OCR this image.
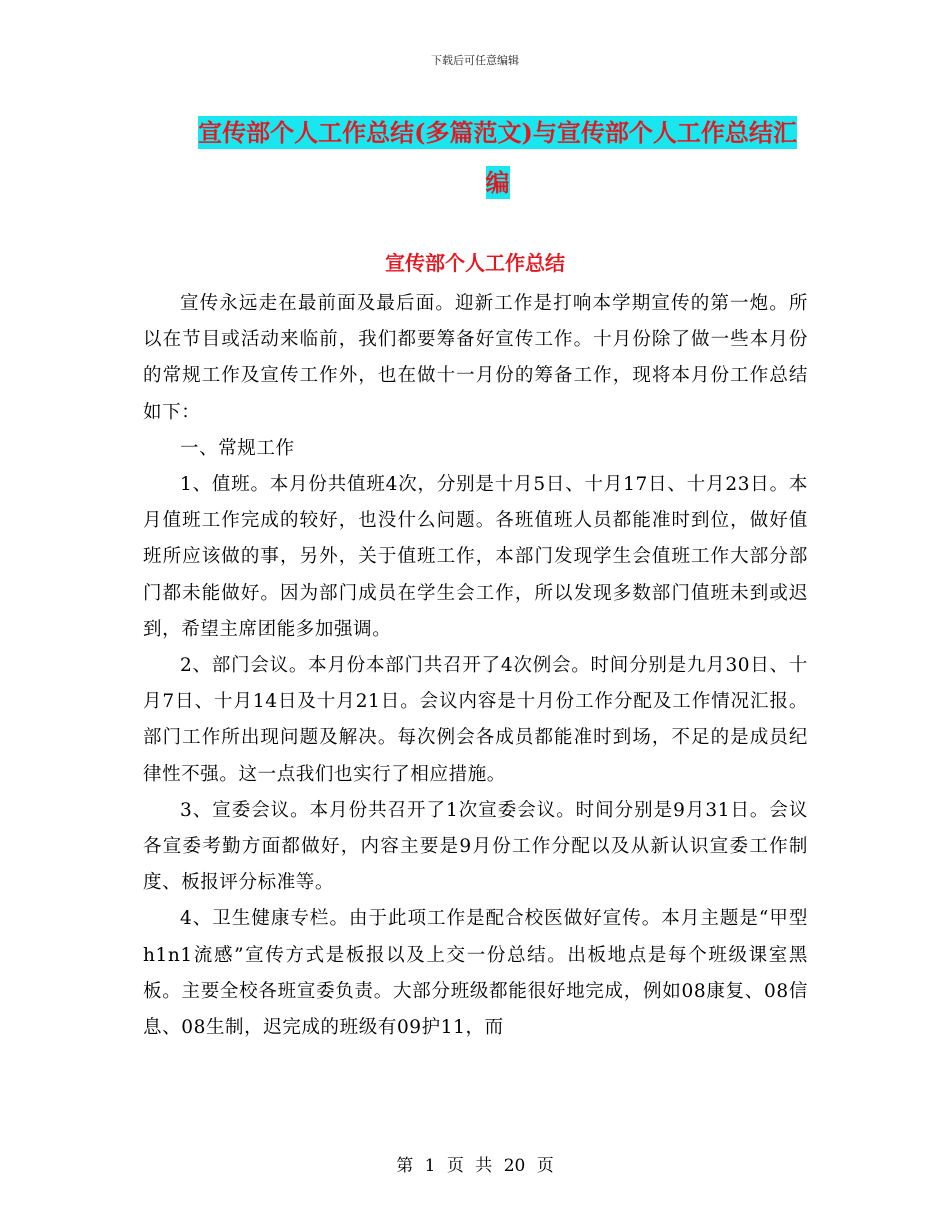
下载后可任意编辑
宣传部个人工作总结(多篇范文)与宣传部个人工作总结汇编
宣传部个人工作总结

宣传永远走在最前面及最后面。迎新工作是打响本学期宣传的第一炮。所以在节目或活动来临前，我们都要筹备好宣传工作。十月份除了做一些本月份的常规工作及宣传工作外，也在做十一月份的筹备工作，现将本月份工作总结如下：

一、常规工作

1、值班。本月份共值班4次，分别是十月5日、十月17日、十月23日。本月值班工作完成的较好，也没什么问题。各班值班人员都能准时到位，做好值班所应该做的事，另外，关于值班工作，本部门发现学生会值班工作大部分部门都未能做好。因为部门成员在学生会工作，所以发现多数部门值班未到或迟到，希望主席团能多加强调。

2、部门会议。本月份本部门共召开了4次例会。时间分别是九月30日、十月7日、十月14日及十月21日。会议内容是十月份工作分配及工作情况汇报。部门工作所出现问题及解决。每次例会各成员都能准时到场，不足的是成员纪律性不强。这一点我们也实行了相应措施。

3、宣委会议。本月份共召开了1次宣委会议。时间分别是9月31日。会议各宣委考勤方面都做好，内容主要是9月份工作分配以及从新认识宣委工作制度、板报评分标准等。

4、卫生健康专栏。由于此项工作是配合校医做好宣传。本月主题是“甲型h1n1流感”宣传方式是板报以及上交一份总结。出板地点是每个班级课室黑板。主要全校各班宣委负责。大部分班级都能很好地完成，例如08康复、08信息、08生制，迟完成的班级有09护11，而

第 1 页 共 20 页
